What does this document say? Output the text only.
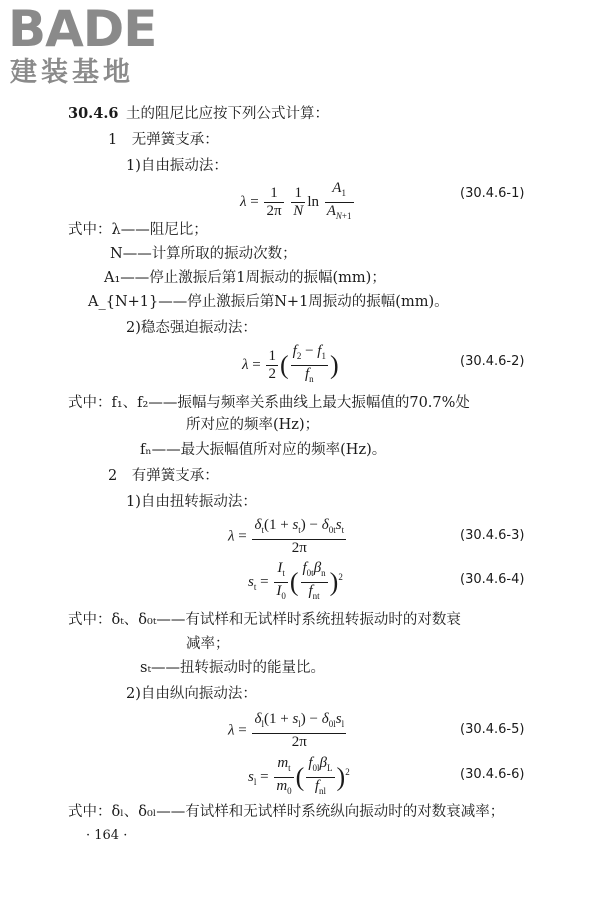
BADE
建装基地
30.4.6 土的阻尼比应按下列公式计算：
1　无弹簧支承：
1)自由振动法：
$\lambda = \frac{1}{2\pi}$
$\frac{1}{N}$ $\ln \frac{A_1}{A_{N+1}}$	(30.4.6-1)
式中：λ——阻尼比；
N——计算所取的振动次数；
A₁——停止激振后第1周振动的振幅(mm)；
A_{N+1}——停止激振后第N+1周振动的振幅(mm)。
2)稳态强迫振动法：
$\lambda = \frac{1}{2}$ ( $\frac{f_2 - f_1}{f_n}$ )	(30.4.6-2)
式中：f₁、f₂——振幅与频率关系曲线上最大振幅值的70.7%处
所对应的频率(Hz)；
fₙ——最大振幅值所对应的频率(Hz)。
2　有弹簧支承：
1)自由扭转振动法：
$\lambda = \frac{\delta_t(1 + s_t) - \delta_{0t}s_t}{2\pi}$	(30.4.6-3)
$s_t = \frac{I_t}{I_0}$ ( $\frac{f_{0t}\beta_n}{f_{nt}} )^2$	(30.4.6-4)
式中：δₜ、δ₀ₜ——有试样和无试样时系统扭转振动时的对数衰
减率；
sₜ——扭转振动时的能量比。
2)自由纵向振动法：
$\lambda = \frac{\delta_l(1 + s_l) - \delta_{0l}s_l}{2\pi}$	(30.4.6-5)
$s_l = \frac{m_t}{m_0}$ ( $\frac{f_{0l}\beta_L}{f_{nl}} )^2$	(30.4.6-6)
式中：δₗ、δ₀ₗ——有试样和无试样时系统纵向振动时的对数衰减率；
· 164 ·
